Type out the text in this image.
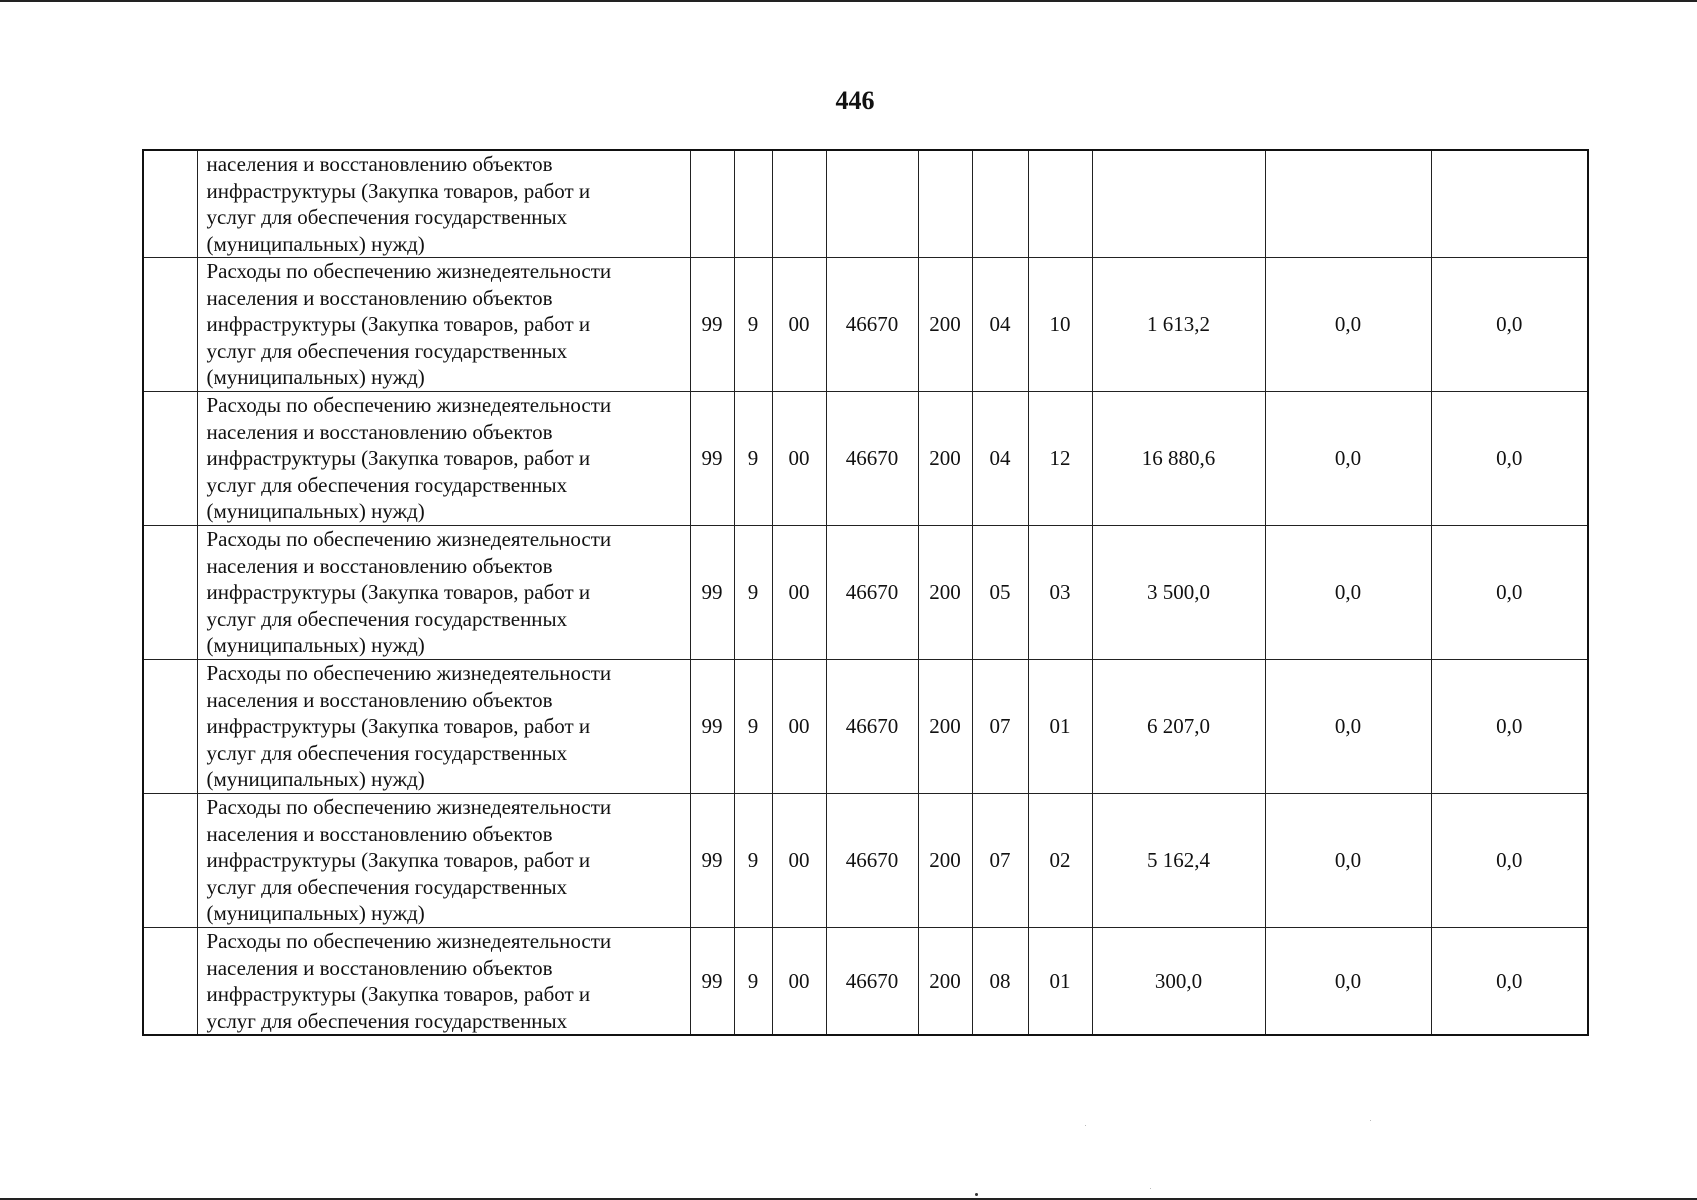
446

	населения и восстановлению объектов
инфраструктуры (Закупка товаров, работ и
услуг для обеспечения государственных
(муниципальных) нужд)										

	Расходы по обеспечению жизнедеятельности
населения и восстановлению объектов
инфраструктуры (Закупка товаров, работ и
услуг для обеспечения государственных
(муниципальных) нужд)	99	9	00	46670	200	04	10	1 613,2	0,0	0,0

	Расходы по обеспечению жизнедеятельности
населения и восстановлению объектов
инфраструктуры (Закупка товаров, работ и
услуг для обеспечения государственных
(муниципальных) нужд)	99	9	00	46670	200	04	12	16 880,6	0,0	0,0

	Расходы по обеспечению жизнедеятельности
населения и восстановлению объектов
инфраструктуры (Закупка товаров, работ и
услуг для обеспечения государственных
(муниципальных) нужд)	99	9	00	46670	200	05	03	3 500,0	0,0	0,0

	Расходы по обеспечению жизнедеятельности
населения и восстановлению объектов
инфраструктуры (Закупка товаров, работ и
услуг для обеспечения государственных
(муниципальных) нужд)	99	9	00	46670	200	07	01	6 207,0	0,0	0,0

	Расходы по обеспечению жизнедеятельности
населения и восстановлению объектов
инфраструктуры (Закупка товаров, работ и
услуг для обеспечения государственных
(муниципальных) нужд)	99	9	00	46670	200	07	02	5 162,4	0,0	0,0

	Расходы по обеспечению жизнедеятельности
населения и восстановлению объектов
инфраструктуры (Закупка товаров, работ и
услуг для обеспечения государственных	99	9	00	46670	200	08	01	300,0	0,0	0,0
